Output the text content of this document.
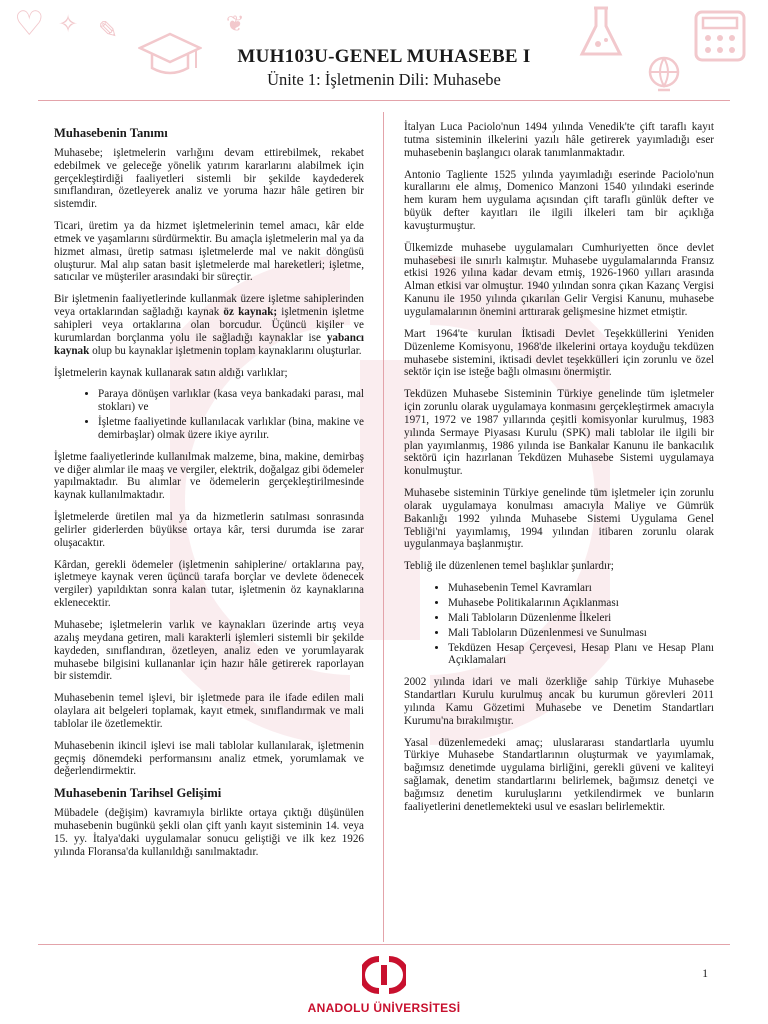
♡ ✧ ✎	❦
MUH103U-GENEL MUHASEBE I
Ünite 1: İşletmenin Dili: Muhasebe
Muhasebenin Tanımı

Muhasebe; işletmelerin varlığını devam ettirebilmek, rekabet edebilmek ve geleceğe yönelik yatırım kararlarını alabilmek için gerçekleştirdiği faaliyetleri sistemli bir şekilde kaydederek sınıflandıran, özetleyerek analiz ve yoruma hazır hâle getiren bir sistemdir.

Ticari, üretim ya da hizmet işletmelerinin temel amacı, kâr elde etmek ve yaşamlarını sürdürmektir. Bu amaçla işletmelerin mal ya da hizmet alması, üretip satması işletmelerde mal ve nakit döngüsü oluşturur. Mal alıp satan basit işletmelerde mal hareketleri; işletme, satıcılar ve müşteriler arasındaki bir süreçtir.

Bir işletmenin faaliyetlerinde kullanmak üzere işletme sahiplerinden veya ortaklarından sağladığı kaynak öz kaynak; işletmenin işletme sahipleri veya ortaklarına olan borcudur. Üçüncü kişiler ve kurumlardan borçlanma yolu ile sağladığı kaynaklar ise yabancı kaynak olup bu kaynaklar işletmenin toplam kaynaklarını oluşturlar.

İşletmelerin kaynak kullanarak satın aldığı varlıklar;

• Paraya dönüşen varlıklar (kasa veya bankadaki parası, mal stokları) ve
• İşletme faaliyetinde kullanılacak varlıklar (bina, makine ve demirbaşlar) olmak üzere ikiye ayrılır.

İşletme faaliyetlerinde kullanılmak malzeme, bina, makine, demirbaş ve diğer alımlar ile maaş ve vergiler, elektrik, doğalgaz gibi ödemeler yapılmaktadır. Bu alımlar ve ödemelerin gerçekleştirilmesinde kaynak kullanılmaktadır.

İşletmelerde üretilen mal ya da hizmetlerin satılması sonrasında gelirler giderlerden büyükse ortaya kâr, tersi durumda ise zarar oluşacaktır.

Kârdan, gerekli ödemeler (işletmenin sahiplerine/ ortaklarına pay, işletmeye kaynak veren üçüncü tarafa borçlar ve devlete ödenecek vergiler) yapıldıktan sonra kalan tutar, işletmenin öz kaynaklarına eklenecektir.

Muhasebe; işletmelerin varlık ve kaynakları üzerinde artış veya azalış meydana getiren, mali karakterli işlemleri sistemli bir şekilde kaydeden, sınıflandıran, özetleyen, analiz eden ve yorumlayarak muhasebe bilgisini kullananlar için hazır hâle getirerek raporlayan bir sistemdir.

Muhasebenin temel işlevi, bir işletmede para ile ifade edilen mali olaylara ait belgeleri toplamak, kayıt etmek, sınıflandırmak ve mali tablolar ile özetlemektir.

Muhasebenin ikincil işlevi ise mali tablolar kullanılarak, işletmenin geçmiş dönemdeki performansını analiz etmek, yorumlamak ve değerlendirmektir.

Muhasebenin Tarihsel Gelişimi

Mübadele (değişim) kavramıyla birlikte ortaya çıktığı düşünülen muhasebenin bugünkü şekli olan çift yanlı kayıt sisteminin 14. veya 15. yy. İtalya'daki uygulamalar sonucu geliştiği ve ilk kez 1926 yılında Floransa'da kullanıldığı sanılmaktadır.

İtalyan Luca Paciolo'nun 1494 yılında Venedik'te çift taraflı kayıt tutma sisteminin ilkelerini yazılı hâle getirerek yayımladığı eser muhasebenin başlangıcı olarak tanımlanmaktadır.

Antonio Tagliente 1525 yılında yayımladığı eserinde Paciolo'nun kurallarını ele almış, Domenico Manzoni 1540 yılındaki eserinde hem kuram hem uygulama açısından çift taraflı günlük defter ve büyük defter kayıtları ile ilgili ilkeleri tam bir açıklığa kavuşturmuştur.

Ülkemizde muhasebe uygulamaları Cumhuriyetten önce devlet muhasebesi ile sınırlı kalmıştır. Muhasebe uygulamalarında Fransız etkisi 1926 yılına kadar devam etmiş, 1926-1960 yılları arasında Alman etkisi var olmuştur. 1940 yılından sonra çıkan Kazanç Vergisi Kanunu ile 1950 yılında çıkarılan Gelir Vergisi Kanunu, muhasebe uygulamalarının önemini arttırarak gelişmesine hizmet etmiştir.

Mart 1964'te kurulan İktisadi Devlet Teşekküllerini Yeniden Düzenleme Komisyonu, 1968'de ilkelerini ortaya koyduğu tekdüzen muhasebe sistemini, iktisadi devlet teşekkülleri için zorunlu ve özel sektör için ise isteğe bağlı olmasını önermiştir.

Tekdüzen Muhasebe Sisteminin Türkiye genelinde tüm işletmeler için zorunlu olarak uygulamaya konmasını gerçekleştirmek amacıyla 1971, 1972 ve 1987 yıllarında çeşitli komisyonlar kurulmuş, 1983 yılında Sermaye Piyasası Kurulu (SPK) mali tablolar ile ilgili bir plan yayımlanmış, 1986 yılında ise Bankalar Kanunu ile bankacılık sektörü için hazırlanan Tekdüzen Muhasebe Sistemi uygulamaya konulmuştur.

Muhasebe sisteminin Türkiye genelinde tüm işletmeler için zorunlu olarak uygulamaya konulması amacıyla Maliye ve Gümrük Bakanlığı 1992 yılında Muhasebe Sistemi Uygulama Genel Tebliği'ni yayımlamış, 1994 yılından itibaren zorunlu olarak uygulanmaya başlanmıştır.

Tebliğ ile düzenlenen temel başlıklar şunlardır;

• Muhasebenin Temel Kavramları
• Muhasebe Politikalarının Açıklanması
• Mali Tabloların Düzenlenme İlkeleri
• Mali Tabloların Düzenlenmesi ve Sunulması
• Tekdüzen Hesap Çerçevesi, Hesap Planı ve Hesap Planı Açıklamaları

2002 yılında idari ve mali özerkliğe sahip Türkiye Muhasebe Standartları Kurulu kurulmuş ancak bu kurumun görevleri 2011 yılında Kamu Gözetimi Muhasebe ve Denetim Standartları Kurumu'na bırakılmıştır.

Yasal düzenlemedeki amaç; uluslararası standartlarla uyumlu Türkiye Muhasebe Standartlarının oluşturmak ve yayımlamak, bağımsız denetimde uygulama birliğini, gerekli güveni ve kaliteyi sağlamak, denetim standartlarını belirlemek, bağımsız denetçi ve bağımsız denetim kuruluşlarını yetkilendirmek ve bunların faaliyetlerini denetlemekteki usul ve esasları belirlemektir.

ANADOLU ÜNİVERSİTESİ
1
